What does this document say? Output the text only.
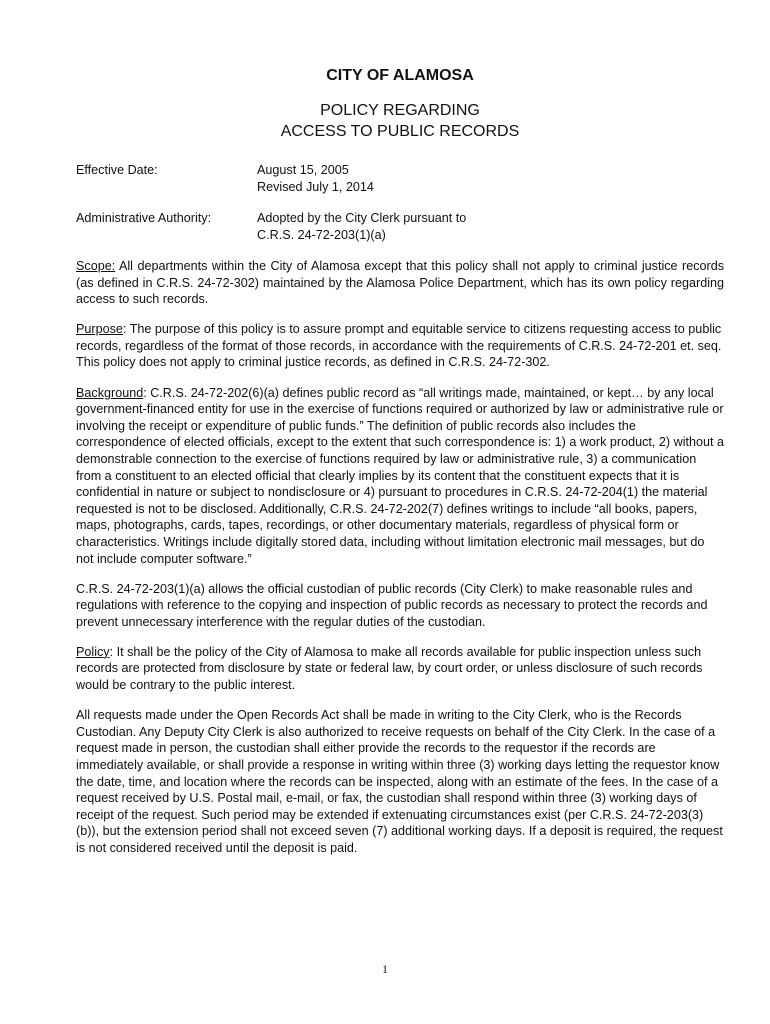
CITY OF ALAMOSA
POLICY REGARDING
ACCESS TO PUBLIC RECORDS
Effective Date:	August 15, 2005
Revised July 1, 2014
Administrative Authority:	Adopted by the City Clerk pursuant to
C.R.S. 24-72-203(1)(a)

Scope: All departments within the City of Alamosa except that this policy shall not apply to criminal justice records (as defined in C.R.S. 24-72-302) maintained by the Alamosa Police Department, which has its own policy regarding access to such records.

Purpose: The purpose of this policy is to assure prompt and equitable service to citizens requesting access to public records, regardless of the format of those records, in accordance with the requirements of C.R.S. 24-72-201 et. seq. This policy does not apply to criminal justice records, as defined in C.R.S. 24-72-302.

Background: C.R.S. 24-72-202(6)(a) defines public record as “all writings made, maintained, or kept… by any local government-financed entity for use in the exercise of functions required or authorized by law or administrative rule or involving the receipt or expenditure of public funds.” The definition of public records also includes the correspondence of elected officials, except to the extent that such correspondence is: 1) a work product, 2) without a demonstrable connection to the exercise of functions required by law or administrative rule, 3) a communication from a constituent to an elected official that clearly implies by its content that the constituent expects that it is confidential in nature or subject to nondisclosure or 4) pursuant to procedures in C.R.S. 24-72-204(1) the material requested is not to be disclosed. Additionally, C.R.S. 24-72-202(7) defines writings to include “all books, papers, maps, photographs, cards, tapes, recordings, or other documentary materials, regardless of physical form or characteristics. Writings include digitally stored data, including without limitation electronic mail messages, but do not include computer software.”

C.R.S. 24-72-203(1)(a) allows the official custodian of public records (City Clerk) to make reasonable rules and regulations with reference to the copying and inspection of public records as necessary to protect the records and prevent unnecessary interference with the regular duties of the custodian.

Policy: It shall be the policy of the City of Alamosa to make all records available for public inspection unless such records are protected from disclosure by state or federal law, by court order, or unless disclosure of such records would be contrary to the public interest.

All requests made under the Open Records Act shall be made in writing to the City Clerk, who is the Records Custodian. Any Deputy City Clerk is also authorized to receive requests on behalf of the City Clerk. In the case of a request made in person, the custodian shall either provide the records to the requestor if the records are immediately available, or shall provide a response in writing within three (3) working days letting the requestor know the date, time, and location where the records can be inspected, along with an estimate of the fees. In the case of a request received by U.S. Postal mail, e-mail, or fax, the custodian shall respond within three (3) working days of receipt of the request. Such period may be extended if extenuating circumstances exist (per C.R.S. 24-72-203(3)(b)), but the extension period shall not exceed seven (7) additional working days. If a deposit is required, the request is not considered received until the deposit is paid.

1
